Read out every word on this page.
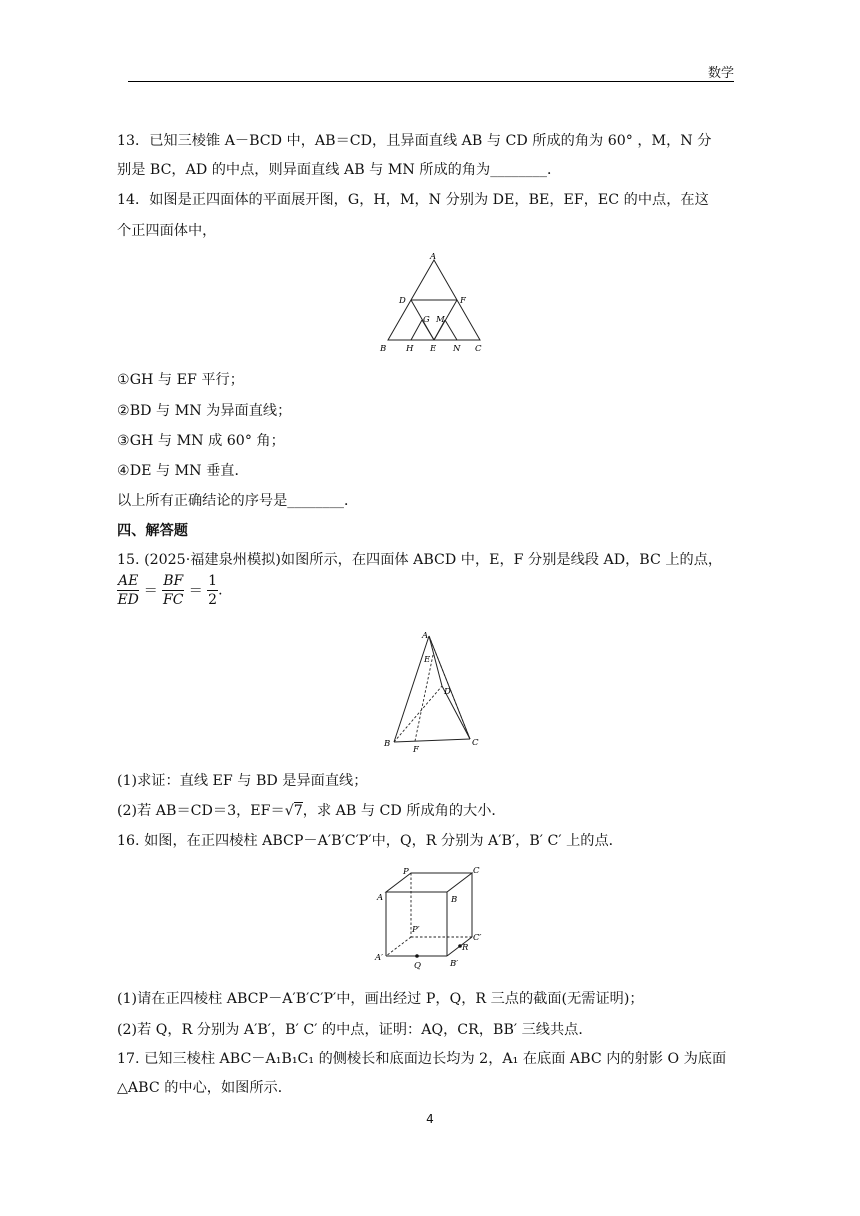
数学
13．已知三棱锥 A－BCD 中，AB＝CD，且异面直线 AB 与 CD 所成的角为 60° ，M，N 分
别是 BC，AD 的中点，则异面直线 AB 与 MN 所成的角为________．
14．如图是正四面体的平面展开图，G，H，M，N 分别为 DE，BE，EF，EC 的中点，在这
个正四面体中，
A
D	F
G M
B H E N C
①GH 与 EF 平行；
②BD 与 MN 为异面直线；
③GH 与 MN 成 60° 角；
④DE 与 MN 垂直．
以上所有正确结论的序号是________．
四、解答题
15. (2025·福建泉州模拟)如图所示，在四面体 ABCD 中，E，F 分别是线段 AD，BC 上的点，
$\frac{AE}{ED} = \frac{BF}{FC} = \frac{1}{2}$ .
A
E
D
B
F
C
(1)求证：直线 EF 与 BD 是异面直线；
(2)若 AB＝CD＝3，EF＝√7，求 AB 与 CD 所成角的大小．
16. 如图，在正四棱柱 ABCP－A′B′C′P′中，Q，R 分别为 A′B′，B′ C′ 上的点．
P	C
A	B
P′
C′
R
A′
Q	B′
(1)请在正四棱柱 ABCP－A′B′C′P′中，画出经过 P，Q，R 三点的截面(无需证明)；
(2)若 Q，R 分别为 A′B′，B′ C′ 的中点，证明：AQ，CR，BB′ 三线共点．
17. 已知三棱柱 ABC－A₁B₁C₁ 的侧棱长和底面边长均为 2，A₁ 在底面 ABC 内的射影 O 为底面
△ABC 的中心，如图所示．
4
